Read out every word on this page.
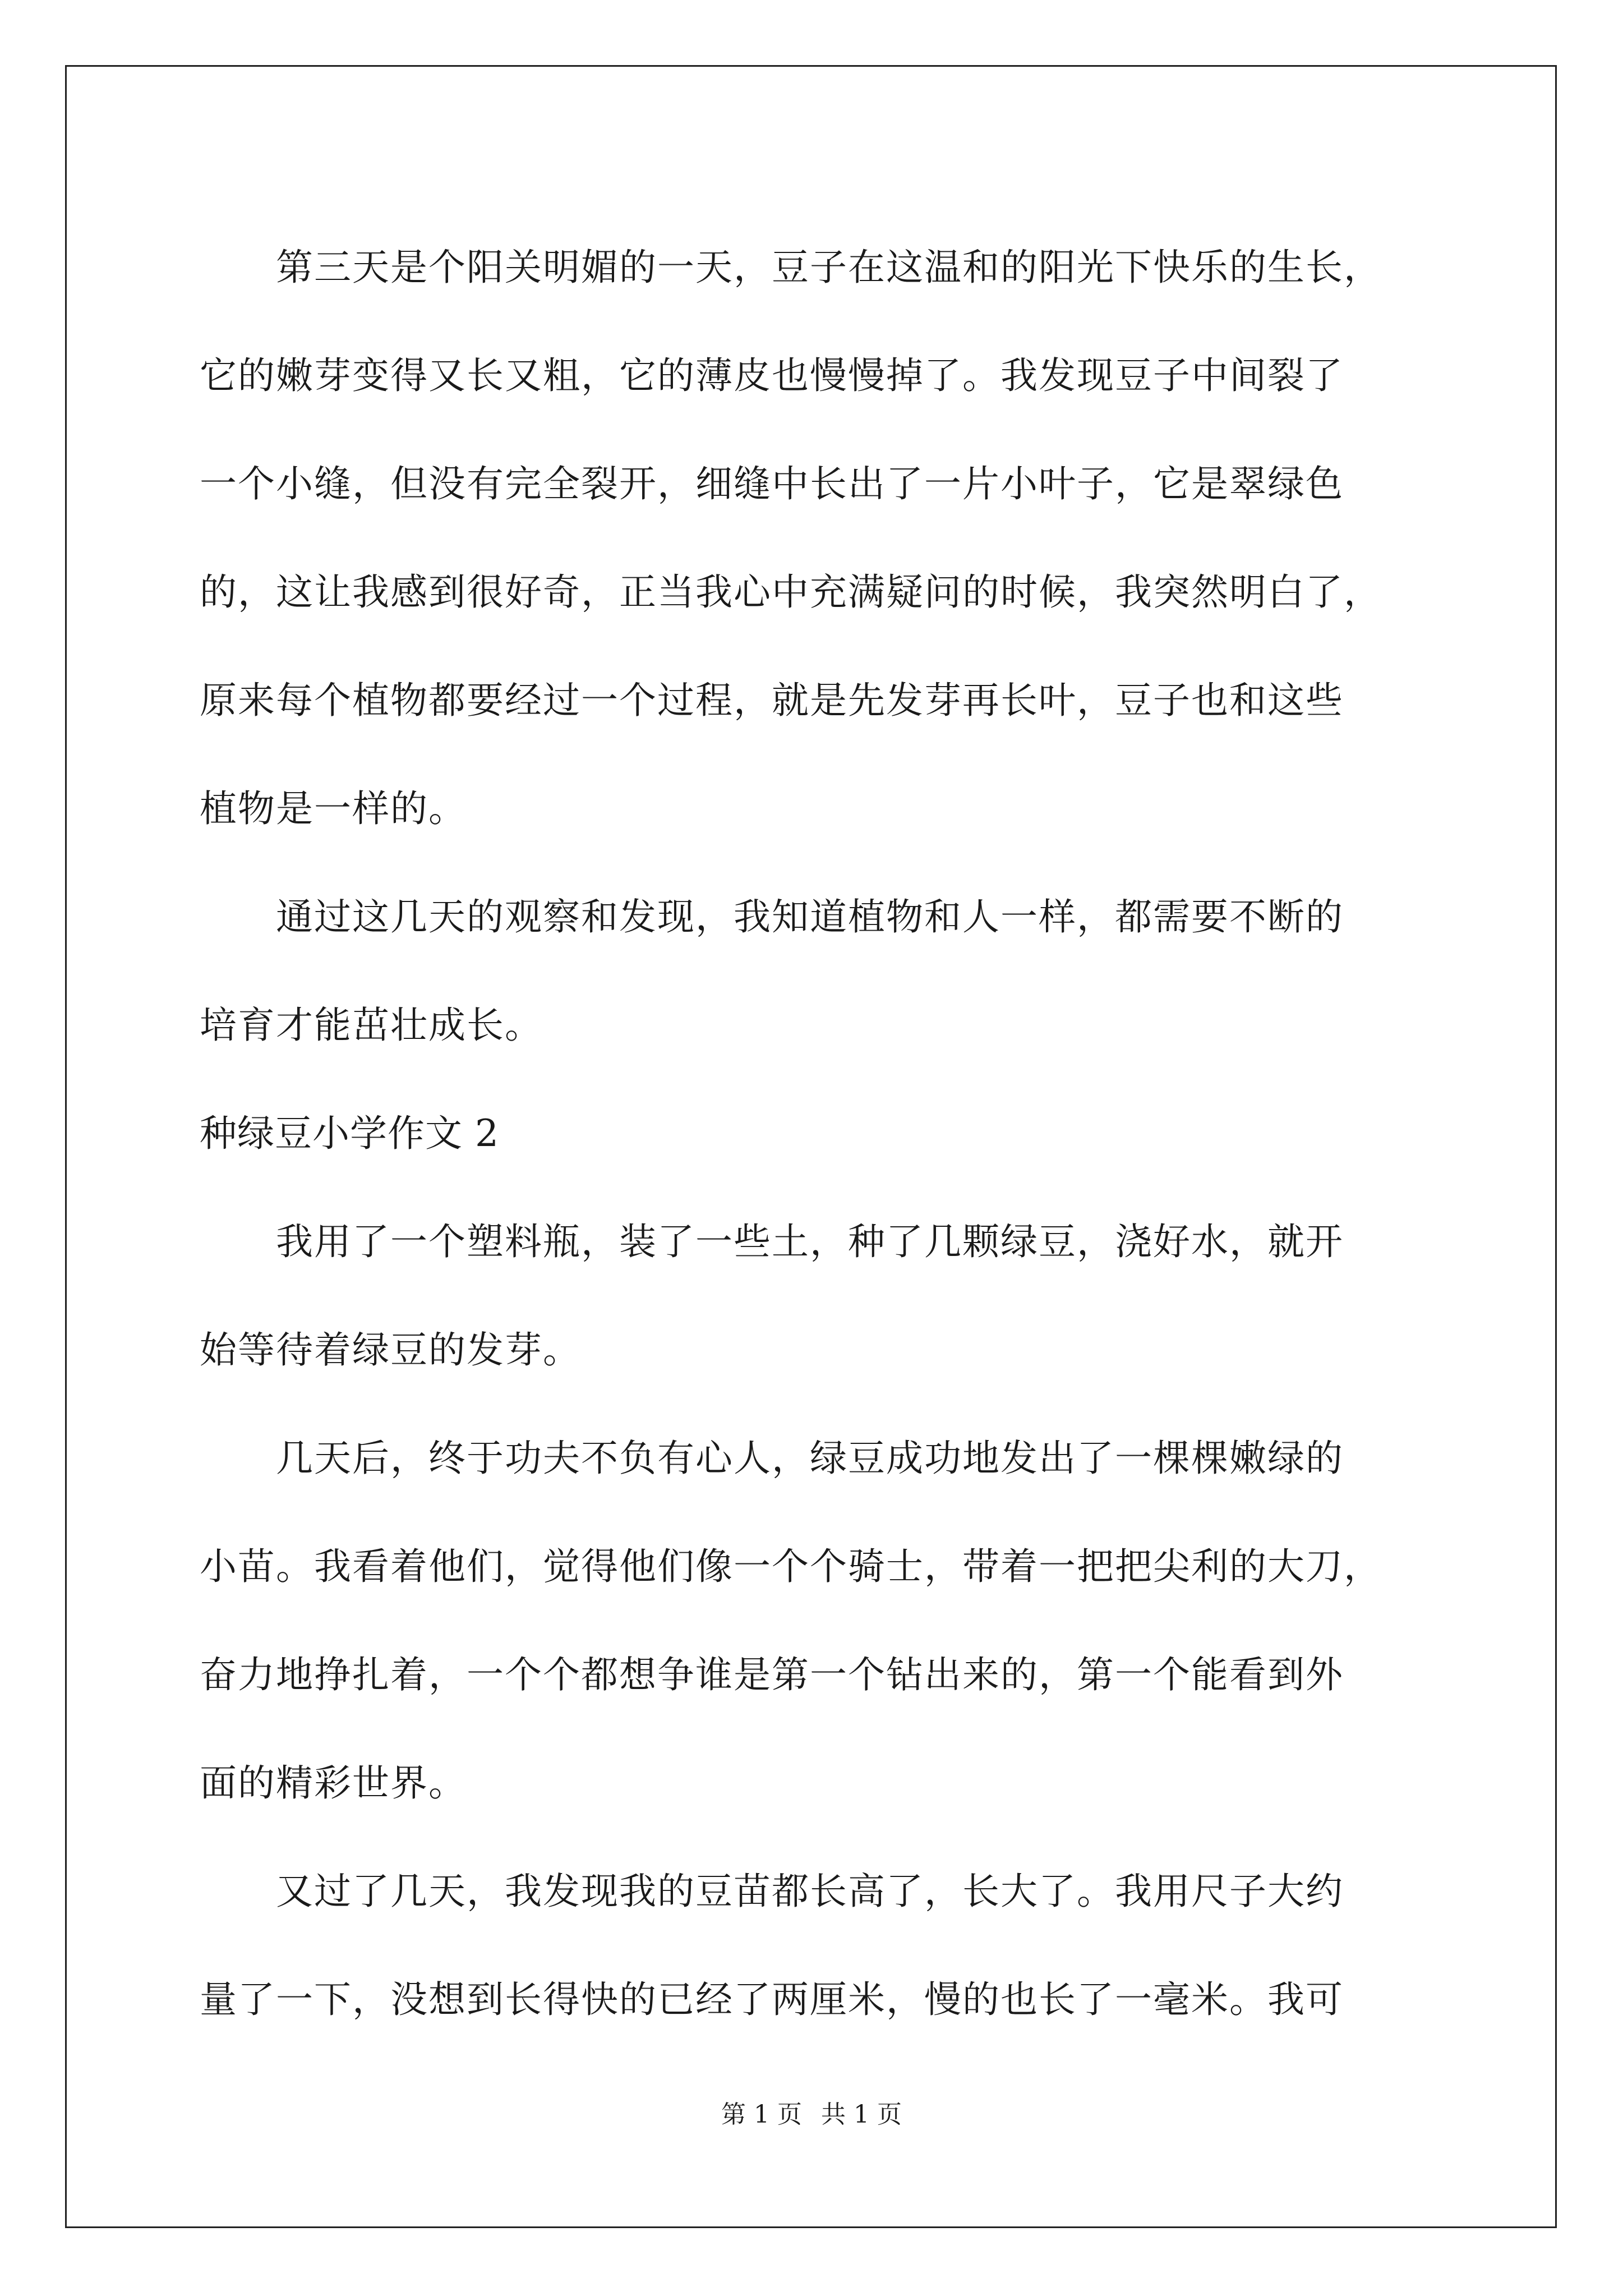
第三天是个阳关明媚的一天，豆子在这温和的阳光下快乐的生长，
它的嫩芽变得又长又粗，它的薄皮也慢慢掉了。我发现豆子中间裂了
一个小缝，但没有完全裂开，细缝中长出了一片小叶子，它是翠绿色
的，这让我感到很好奇，正当我心中充满疑问的时候，我突然明白了，
原来每个植物都要经过一个过程，就是先发芽再长叶，豆子也和这些
植物是一样的。
通过这几天的观察和发现，我知道植物和人一样，都需要不断的
培育才能茁壮成长。
种绿豆小学作文 2
我用了一个塑料瓶，装了一些土，种了几颗绿豆，浇好水，就开
始等待着绿豆的发芽。
几天后，终于功夫不负有心人，绿豆成功地发出了一棵棵嫩绿的
小苗。我看着他们，觉得他们像一个个骑士，带着一把把尖利的大刀，
奋力地挣扎着，一个个都想争谁是第一个钻出来的，第一个能看到外
面的精彩世界。
又过了几天，我发现我的豆苗都长高了，长大了。我用尺子大约
量了一下，没想到长得快的已经了两厘米，慢的也长了一毫米。我可
第 1 页 共 1 页
